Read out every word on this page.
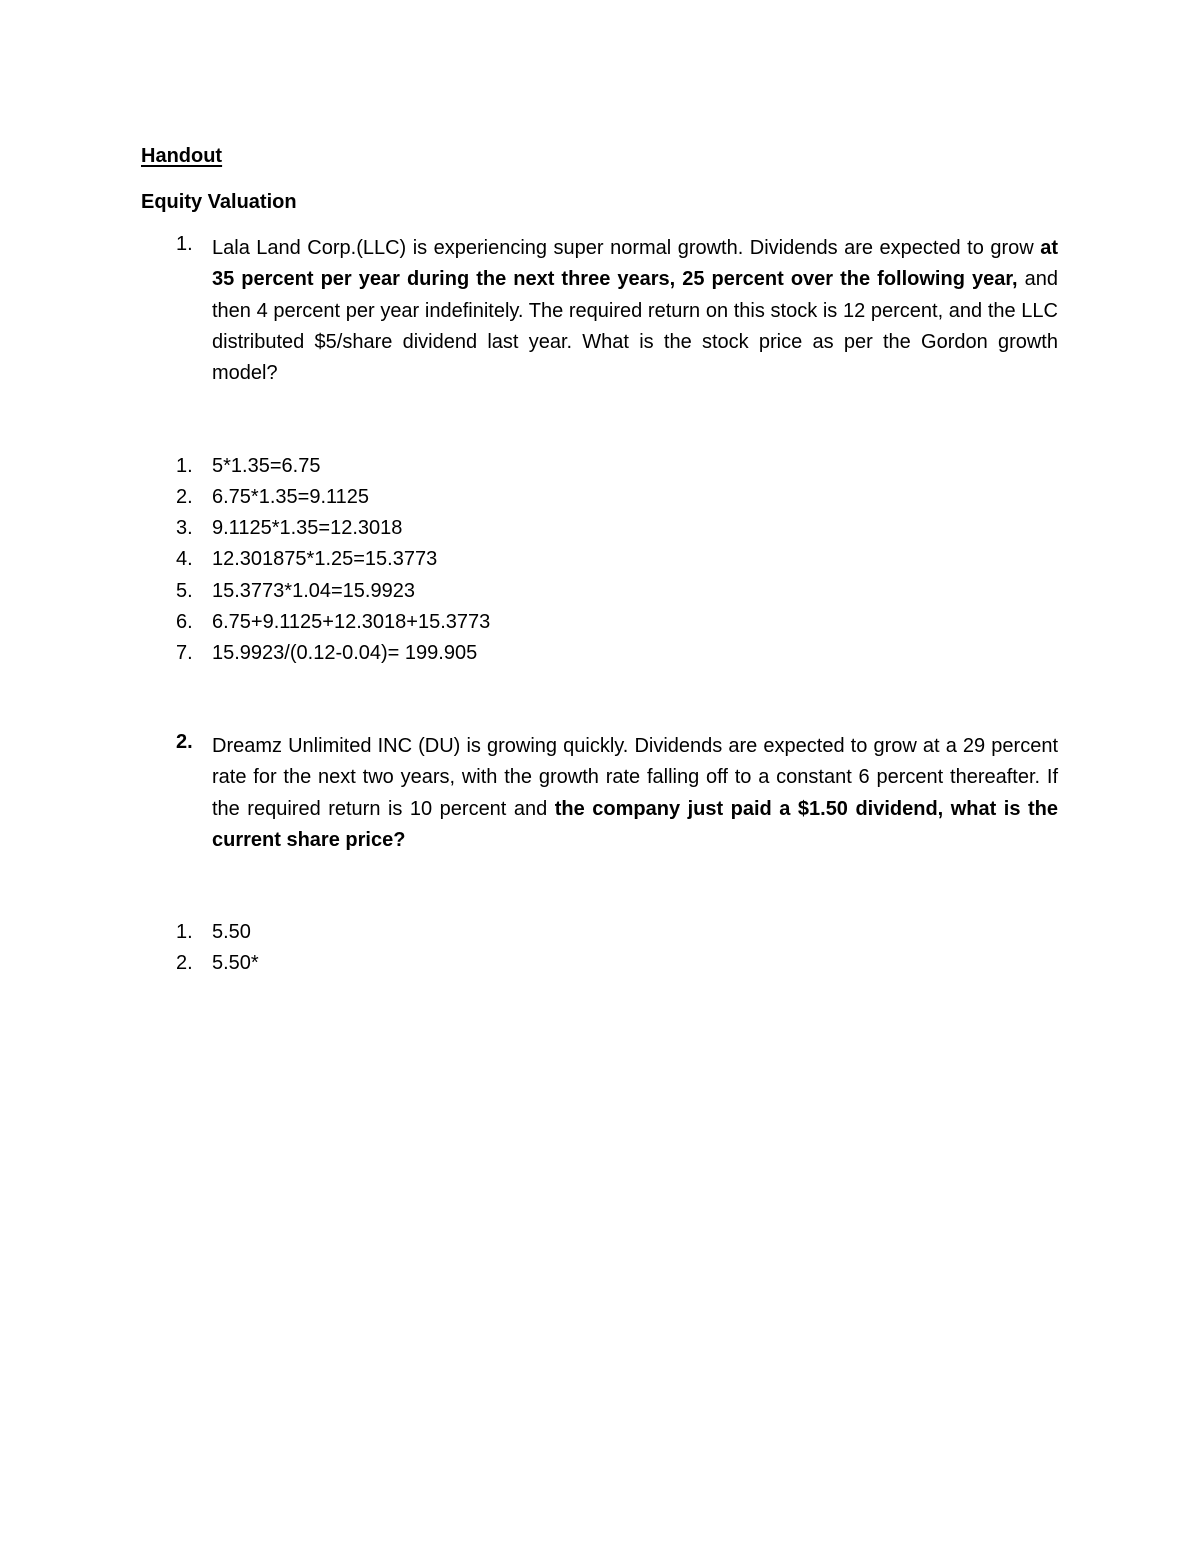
Handout
Equity Valuation
1. Lala Land Corp.(LLC) is experiencing super normal growth. Dividends are expected to grow at 35 percent per year during the next three years, 25 percent over the following year, and then 4 percent per year indefinitely. The required return on this stock is 12 percent, and the LLC distributed $5/share dividend last year. What is the stock price as per the Gordon growth model?
1. 5*1.35=6.75
2. 6.75*1.35=9.1125
3. 9.1125*1.35=12.3018
4. 12.301875*1.25=15.3773
5. 15.3773*1.04=15.9923
6. 6.75+9.1125+12.3018+15.3773
7. 15.9923/(0.12-0.04)= 199.905
2. Dreamz Unlimited INC (DU) is growing quickly. Dividends are expected to grow at a 29 percent rate for the next two years, with the growth rate falling off to a constant 6 percent thereafter. If the required return is 10 percent and the company just paid a $1.50 dividend, what is the current share price?
1. 5.50
2. 5.50*
